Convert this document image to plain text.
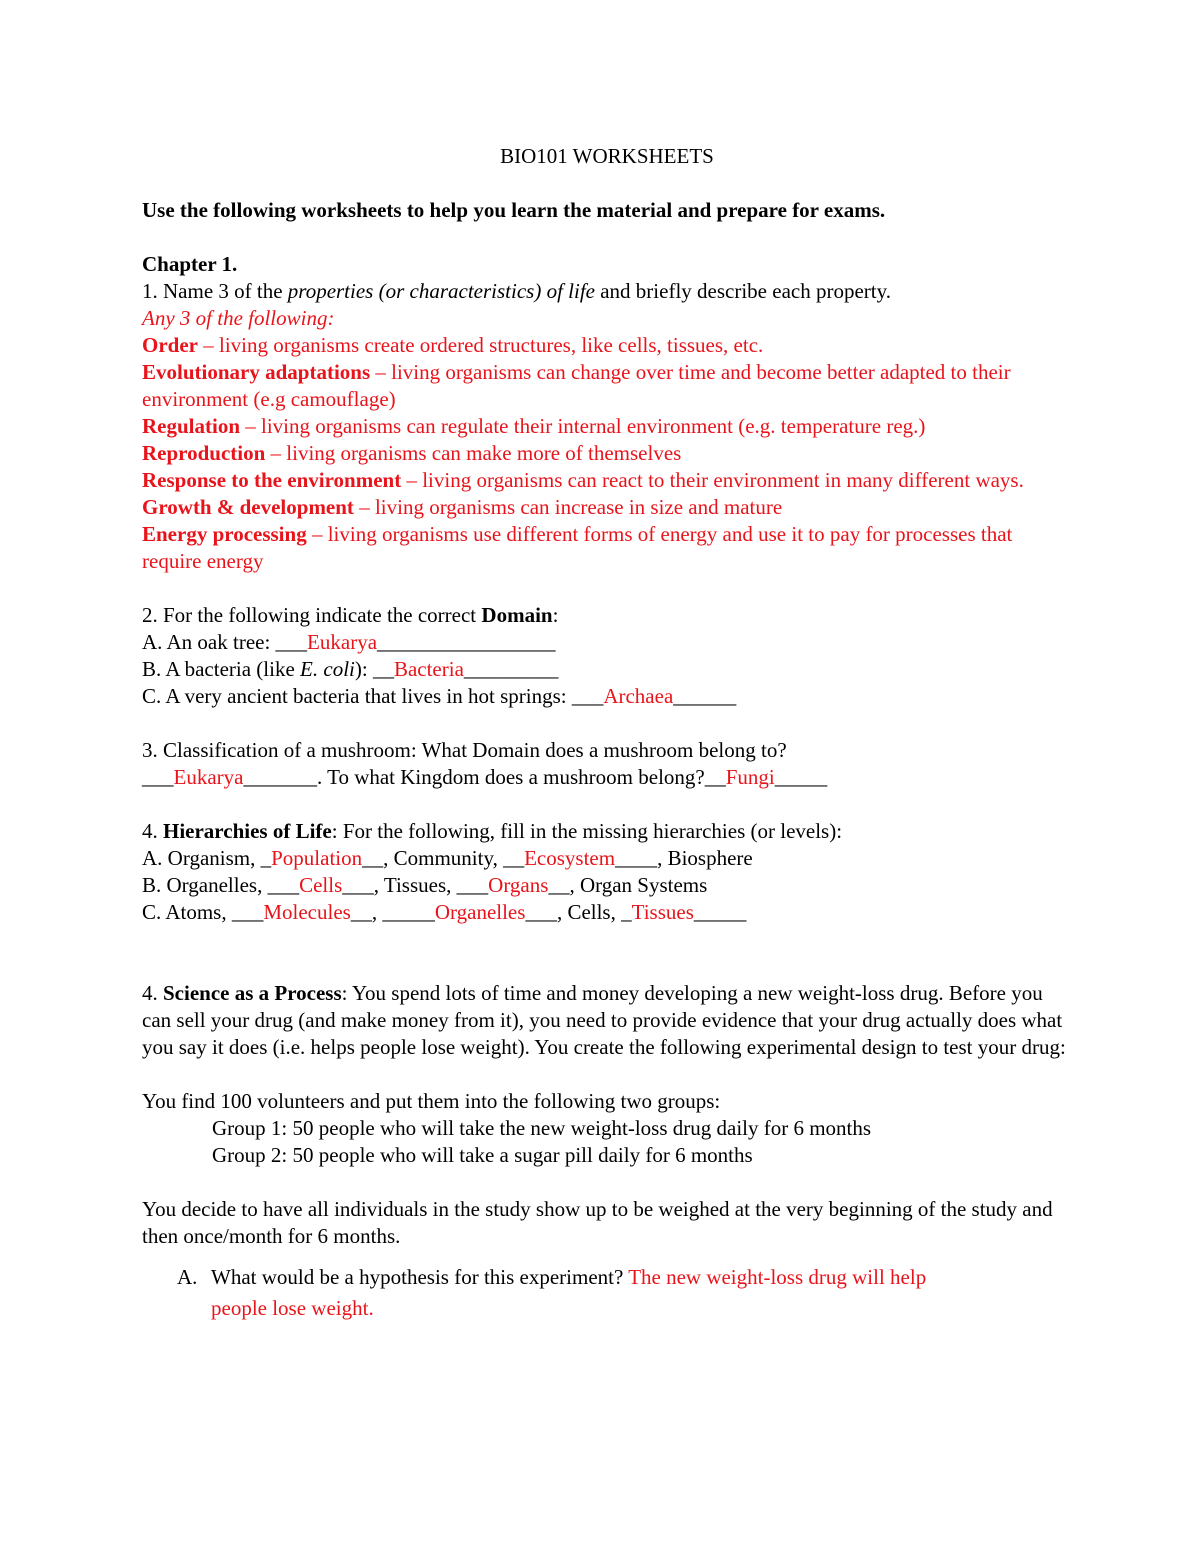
BIO101 WORKSHEETS
Use the following worksheets to help you learn the material and prepare for exams.
Chapter 1.
1. Name 3 of the properties (or characteristics) of life and briefly describe each property.
Any 3 of the following:
Order – living organisms create ordered structures, like cells, tissues, etc.
Evolutionary adaptations – living organisms can change over time and become better adapted to their environment (e.g camouflage)
Regulation – living organisms can regulate their internal environment (e.g. temperature reg.)
Reproduction – living organisms can make more of themselves
Response to the environment – living organisms can react to their environment in many different ways.
Growth & development – living organisms can increase in size and mature
Energy processing – living organisms use different forms of energy and use it to pay for processes that require energy
2. For the following indicate the correct Domain:
A. An oak tree: ___Eukarya_________________
B. A bacteria (like E. coli): __Bacteria_________
C. A very ancient bacteria that lives in hot springs: ___Archaea______
3. Classification of a mushroom: What Domain does a mushroom belong to?
___Eukarya_______. To what Kingdom does a mushroom belong?__Fungi_____
4. Hierarchies of Life: For the following, fill in the missing hierarchies (or levels):
A. Organism, _Population__, Community, __Ecosystem____, Biosphere
B. Organelles, ___Cells___, Tissues, ___Organs__, Organ Systems
C. Atoms, ___Molecules__, _____Organelles___, Cells, _Tissues_____
4. Science as a Process: You spend lots of time and money developing a new weight-loss drug. Before you can sell your drug (and make money from it), you need to provide evidence that your drug actually does what you say it does (i.e. helps people lose weight). You create the following experimental design to test your drug:
You find 100 volunteers and put them into the following two groups:
Group 1: 50 people who will take the new weight-loss drug daily for 6 months
Group 2: 50 people who will take a sugar pill daily for 6 months
You decide to have all individuals in the study show up to be weighed at the very beginning of the study and then once/month for 6 months.
A. What would be a hypothesis for this experiment? The new weight-loss drug will help
people lose weight.
